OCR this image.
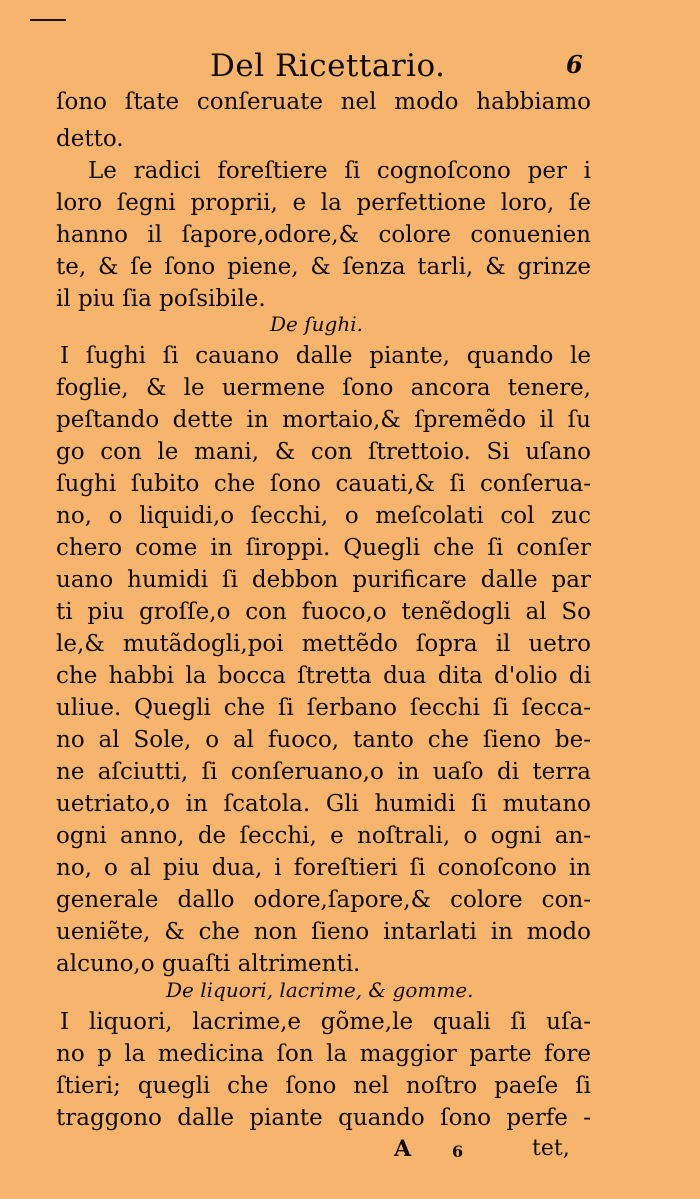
Del Ricettario.	6
ſono ſtate conſeruate nel modo habbiamo
detto.
Le radici foreſtiere ſi cognoſcono per i
loro ſegni proprii, e la perfettione loro, ſe
hanno il ſapore,odore,& colore conuenien
te, & ſe ſono piene, & ſenza tarli, & grinze
il piu ſia poſsibile.
De ſughi.
I ſughi ſi cauano dalle piante, quando le
foglie, & le uermene ſono ancora tenere,
peſtando dette in mortaio,& ſpremẽdo il ſu
go con le mani, & con ſtrettoio. Si uſano
ſughi ſubito che ſono cauati,& ſi conſerua-
no, o liquidi,o ſecchi, o meſcolati col zuc
chero come in ſiroppi. Quegli che ſi conſer
uano humidi ſi debbon purificare dalle par
ti piu groſſe,o con fuoco,o tenẽdogli al So
le,& mutãdogli,poi mettẽdo ſopra il uetro
che habbi la bocca ſtretta dua dita d'olio di
uliue. Quegli che ſi ſerbano ſecchi ſi ſecca-
no al Sole, o al fuoco, tanto che ſieno be-
ne aſciutti, ſi conſeruano,o in uaſo di terra
uetriato,o in ſcatola. Gli humidi ſi mutano
ogni anno, de ſecchi, e noſtrali, o ogni an-
no, o al piu dua, i foreſtieri ſi conoſcono in
generale dallo odore,ſapore,& colore con-
ueniẽte, & che non ſieno intarlati in modo
alcuno,o guaſti altrimenti.
De liquori, lacrime, & gomme.
I liquori, lacrime,e gõme,le quali ſi uſa-
no p la medicina ſon la maggior parte fore
ſtieri; quegli che ſono nel noſtro paeſe ſi
traggono dalle piante quando ſono perfe -
A	6	tet,
